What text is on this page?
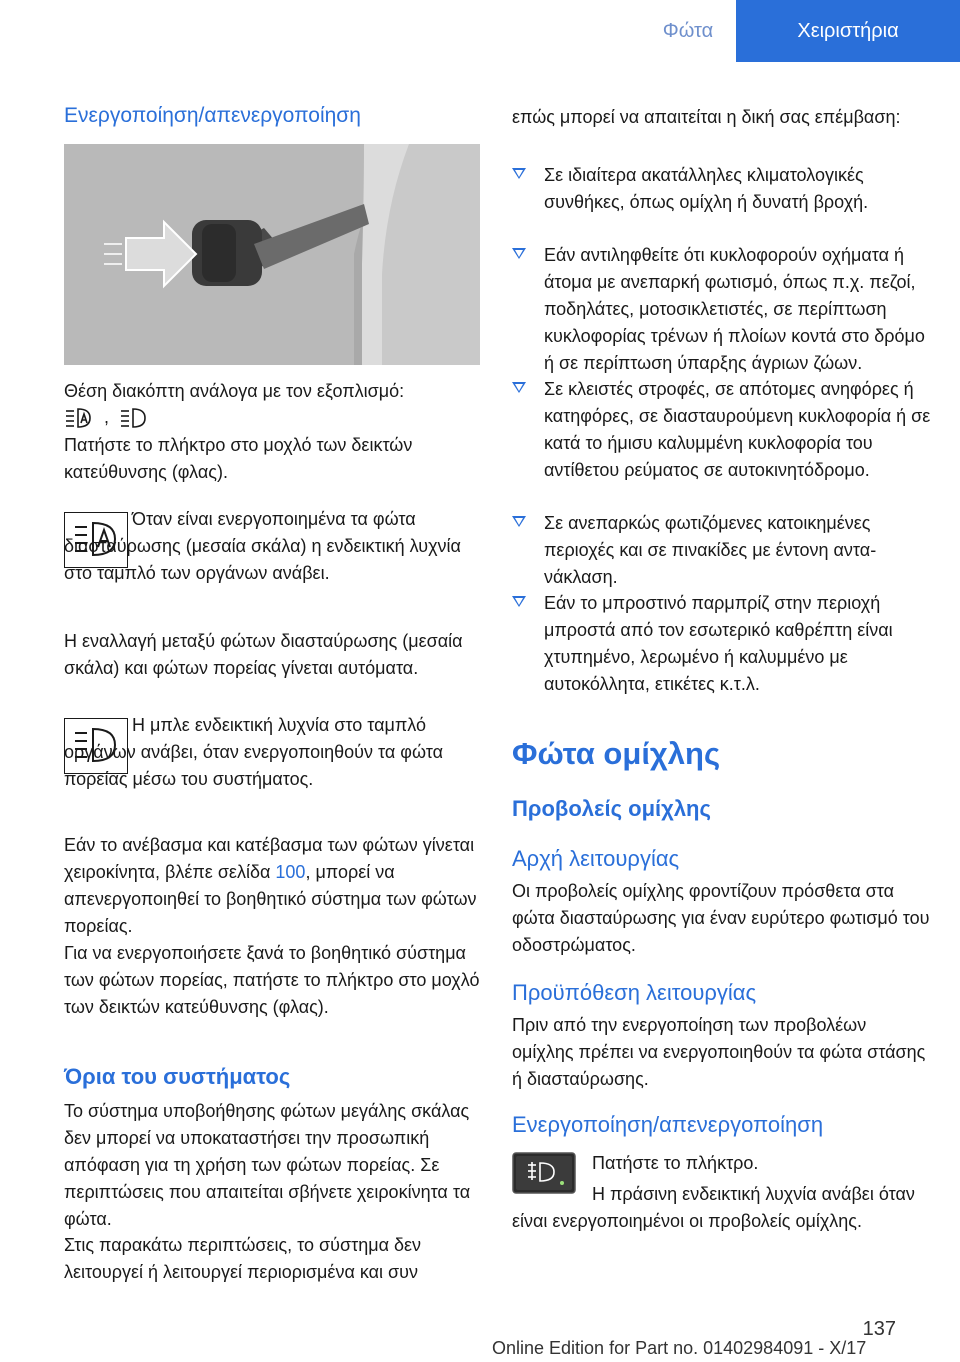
Φώτα	Χειριστήρια
Ενεργοποίηση/απενεργοποίηση

Θέση διακόπτη ανάλογα με τον εξοπλισμό:

,

Πατήστε το πλήκτρο στο μοχλό των δεικτών κατεύθυνσης (φλας).

Όταν είναι ενεργοποιημένα τα φώτα διασταύρωσης (μεσαία σκάλα) η ενδεικτική λυχνία στο ταμπλό των οργάνων ανάβει.

Η εναλλαγή μεταξύ φώτων διασταύρωσης (μεσαία σκάλα) και φώτων πορείας γίνεται αυτόματα.

Η μπλε ενδεικτική λυχνία στο ταμπλό οργάνων ανάβει, όταν ενεργοποιηθούν τα φώτα πορείας μέσω του συστήματος.

Εάν το ανέβασμα και κατέβασμα των φώτων γίνεται χειροκίνητα, βλέπε σελίδα 100, μπορεί να απενεργοποιηθεί το βοηθητικό σύστημα των φώτων πορείας.

Για να ενεργοποιήσετε ξανά το βοηθητικό σύστημα των φώτων πορείας, πατήστε το πλήκτρο στο μοχλό των δεικτών κατεύθυνσης (φλας).

Όρια του συστήματος

Το σύστημα υποβοήθησης φώτων μεγάλης σκάλας δεν μπορεί να υποκαταστήσει την προσωπική απόφαση για τη χρήση των φώτων πορείας. Σε περιπτώσεις που απαιτείται σβήνετε χειροκίνητα τα φώτα.

Στις παρακάτω περιπτώσεις, το σύστημα δεν λειτουργεί ή λειτουργεί περιορισμένα και συν

επώς μπορεί να απαιτείται η δική σας επέμβαση:

Σε ιδιαίτερα ακατάλληλες κλιματολογικές συνθήκες, όπως ομίχλη ή δυνατή βροχή.

Εάν αντιληφθείτε ότι κυκλοφορούν οχήματα ή άτομα με ανεπαρκή φωτισμό, όπως π.χ. πεζοί, ποδηλάτες, μοτοσικλετιστές, σε περίπτωση κυκλοφορίας τρένων ή πλοίων κοντά στο δρόμο ή σε περίπτωση ύπαρξης άγριων ζώων.

Σε κλειστές στροφές, σε απότομες ανηφόρες ή κατηφόρες, σε διασταυρούμενη κυκλοφορία ή σε κατά το ήμισυ καλυμμένη κυκλοφορία του αντίθετου ρεύματος σε αυτοκινητόδρομο.

Σε ανεπαρκώς φωτιζόμενες κατοικημένες περιοχές και σε πινακίδες με έντονη αντανάκλαση.

Εάν το μπροστινό παρμπρίζ στην περιοχή μπροστά από τον εσωτερικό καθρέπτη είναι χτυπημένο, λερωμένο ή καλυμμένο με αυτοκόλλητα, ετικέτες κ.τ.λ.

Φώτα ομίχλης
Προβολείς ομίχλης
Αρχή λειτουργίας

Οι προβολείς ομίχλης φροντίζουν πρόσθετα στα φώτα διασταύρωσης για έναν ευρύτερο φωτισμό του οδοστρώματος.

Προϋπόθεση λειτουργίας

Πριν από την ενεργοποίηση των προβολέων ομίχλης πρέπει να ενεργοποιηθούν τα φώτα στάσης ή διασταύρωσης.

Ενεργοποίηση/απενεργοποίηση

Πατήστε το πλήκτρο.

Η πράσινη ενδεικτική λυχνία ανάβει όταν είναι ενεργοποιημένοι οι προβολείς ομίχλης.

137
Online Edition for Part no. 01402984091 - X/17
